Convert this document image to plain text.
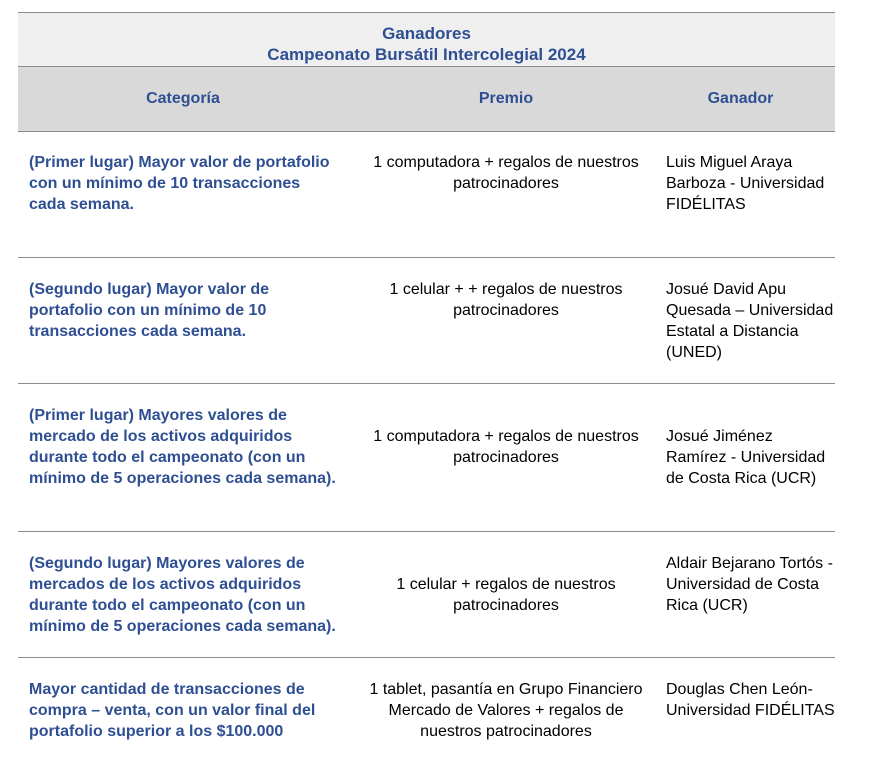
Ganadores
Campeonato Bursátil Intercolegial 2024
Categoría	Premio	Ganador
(Primer lugar) Mayor valor de portafolio con un mínimo de 10 transacciones cada semana.
1 computadora + regalos de nuestros patrocinadores
Luis Miguel Araya Barboza - Universidad FIDÉLITAS
(Segundo lugar) Mayor valor de portafolio con un mínimo de 10 transacciones cada semana.
1 celular + + regalos de nuestros patrocinadores
Josué David Apu Quesada – Universidad Estatal a Distancia (UNED)
(Primer lugar) Mayores valores de mercado de los activos adquiridos durante todo el campeonato (con un mínimo de 5 operaciones cada semana).
1 computadora + regalos de nuestros patrocinadores
Josué Jiménez Ramírez - Universidad de Costa Rica (UCR)
(Segundo lugar) Mayores valores de mercados de los activos adquiridos durante todo el campeonato (con un mínimo de 5 operaciones cada semana).
1 celular + regalos de nuestros patrocinadores
Aldair Bejarano Tortós - Universidad de Costa Rica (UCR)
Mayor cantidad de transacciones de compra – venta, con un valor final del portafolio superior a los $100.000
1 tablet, pasantía en Grupo Financiero Mercado de Valores + regalos de nuestros patrocinadores
Douglas Chen León- Universidad FIDÉLITAS
